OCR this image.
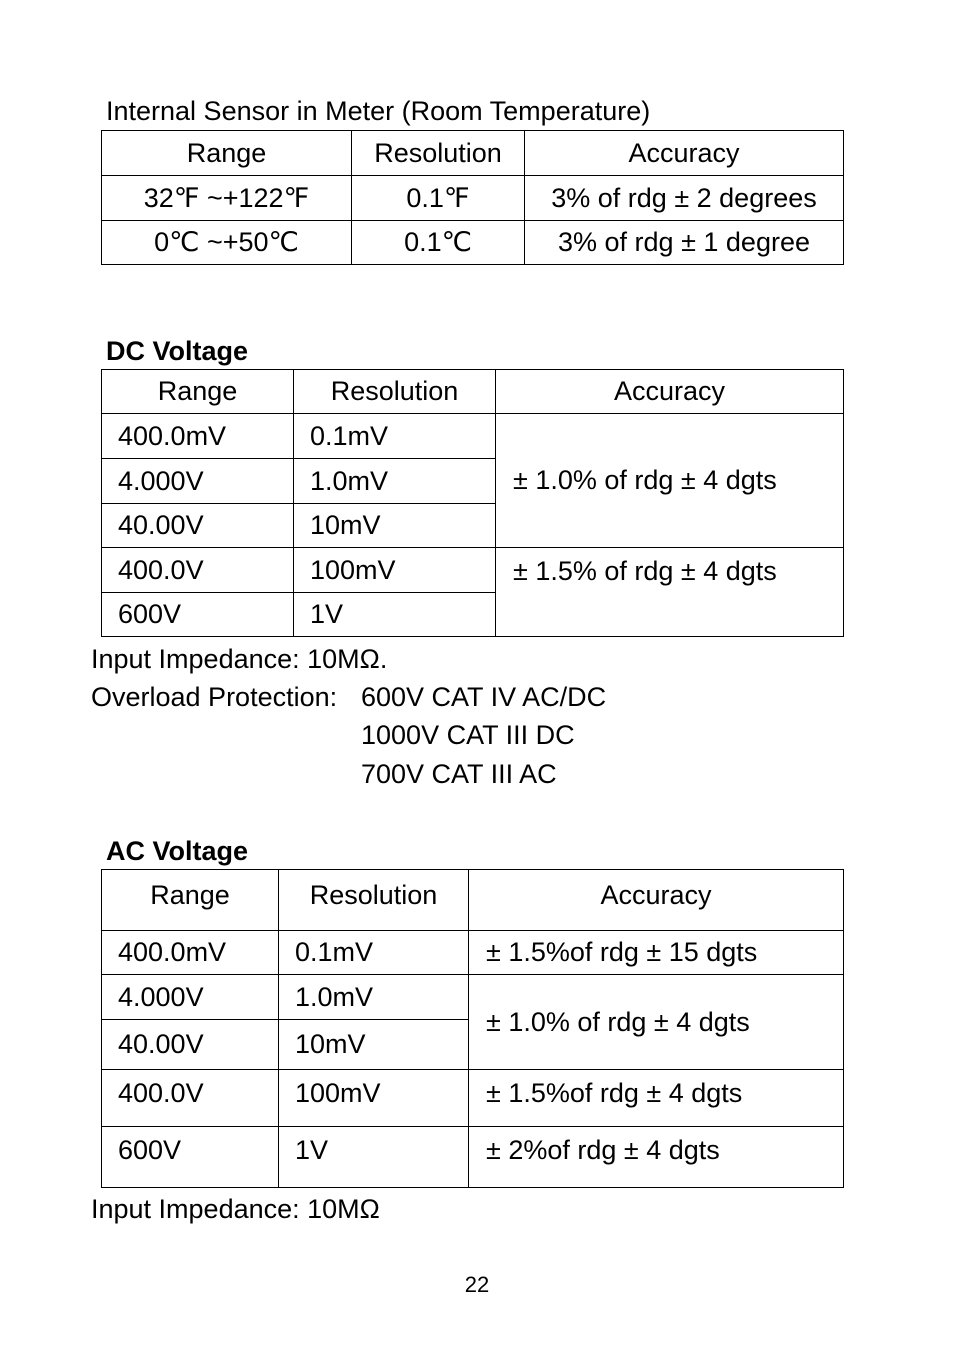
Internal Sensor in Meter (Room Temperature)
Range	Resolution	Accuracy
32℉ ~+122℉	0.1℉	3% of rdg ± 2 degrees
0℃ ~+50℃	0.1℃	3% of rdg ± 1 degree
DC Voltage
Range	Resolution	Accuracy
400.0mV	0.1mV	± 1.0% of rdg ± 4 dgts
4.000V	1.0mV	
40.00V	10mV	
400.0V	100mV	± 1.5% of rdg ± 4 dgts
600V	1V	
Input Impedance: 10MΩ.
Overload Protection: 600V CAT IV AC/DC
1000V CAT III DC
700V CAT III AC
AC Voltage
Range	Resolution	Accuracy
400.0mV	0.1mV	± 1.5%of rdg ± 15 dgts
4.000V	1.0mV	± 1.0% of rdg ± 4 dgts
40.00V	10mV	
400.0V	100mV	± 1.5%of rdg ± 4 dgts
600V	1V	± 2%of rdg ± 4 dgts
Input Impedance: 10MΩ
22
